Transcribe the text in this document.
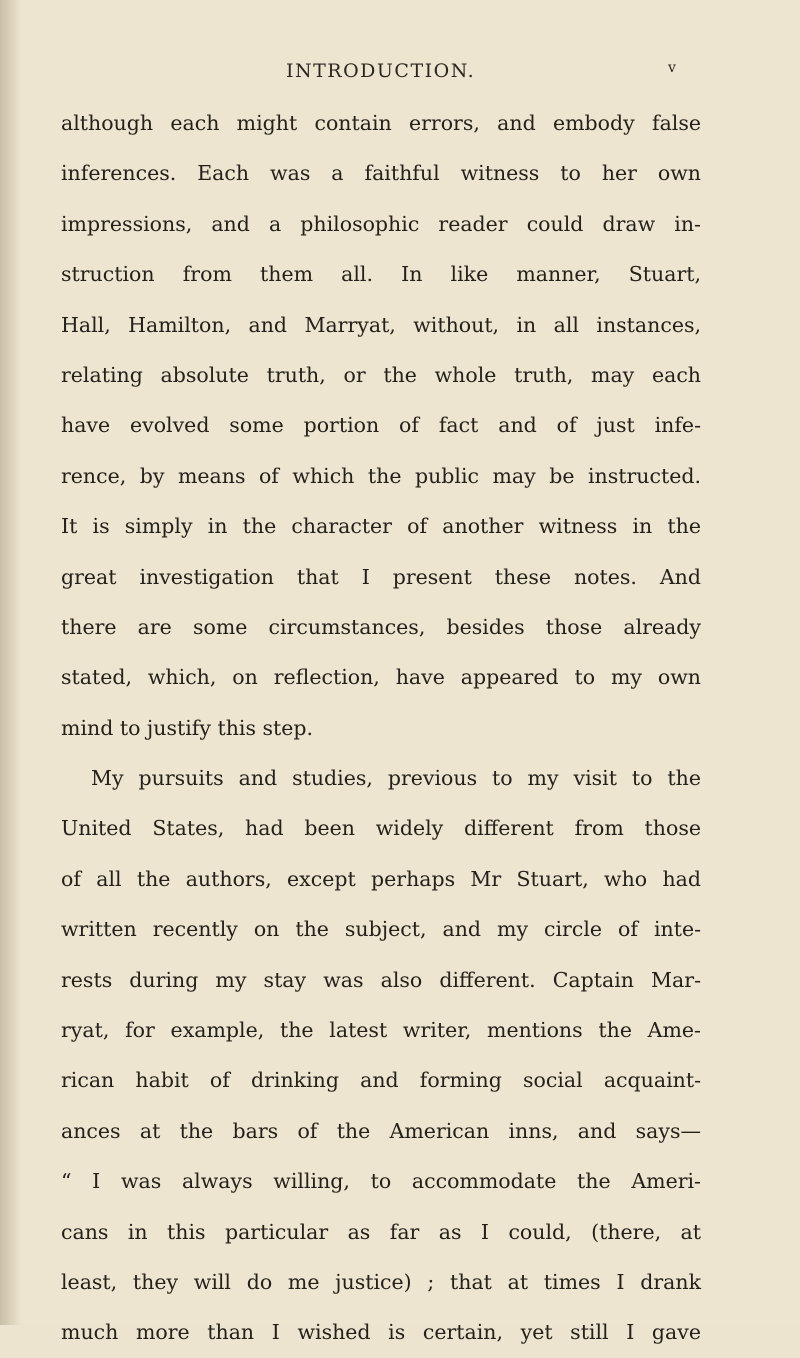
INTRODUCTION.	v
although each might contain errors, and embody false
inferences. Each was a faithful witness to her own
impressions, and a philosophic reader could draw in-
struction from them all. In like manner, Stuart,
Hall, Hamilton, and Marryat, without, in all instances,
relating absolute truth, or the whole truth, may each
have evolved some portion of fact and of just infe-
rence, by means of which the public may be instructed.
It is simply in the character of another witness in the
great investigation that I present these notes. And
there are some circumstances, besides those already
stated, which, on reflection, have appeared to my own
mind to justify this step.
My pursuits and studies, previous to my visit to the
United States, had been widely different from those
of all the authors, except perhaps Mr Stuart, who had
written recently on the subject, and my circle of inte-
rests during my stay was also different. Captain Mar-
ryat, for example, the latest writer, mentions the Ame-
rican habit of drinking and forming social acquaint-
ances at the bars of the American inns, and says—
“ I was always willing, to accommodate the Ameri-
cans in this particular as far as I could, (there, at
least, they will do me justice) ; that at times I drank
much more than I wished is certain, yet still I gave
